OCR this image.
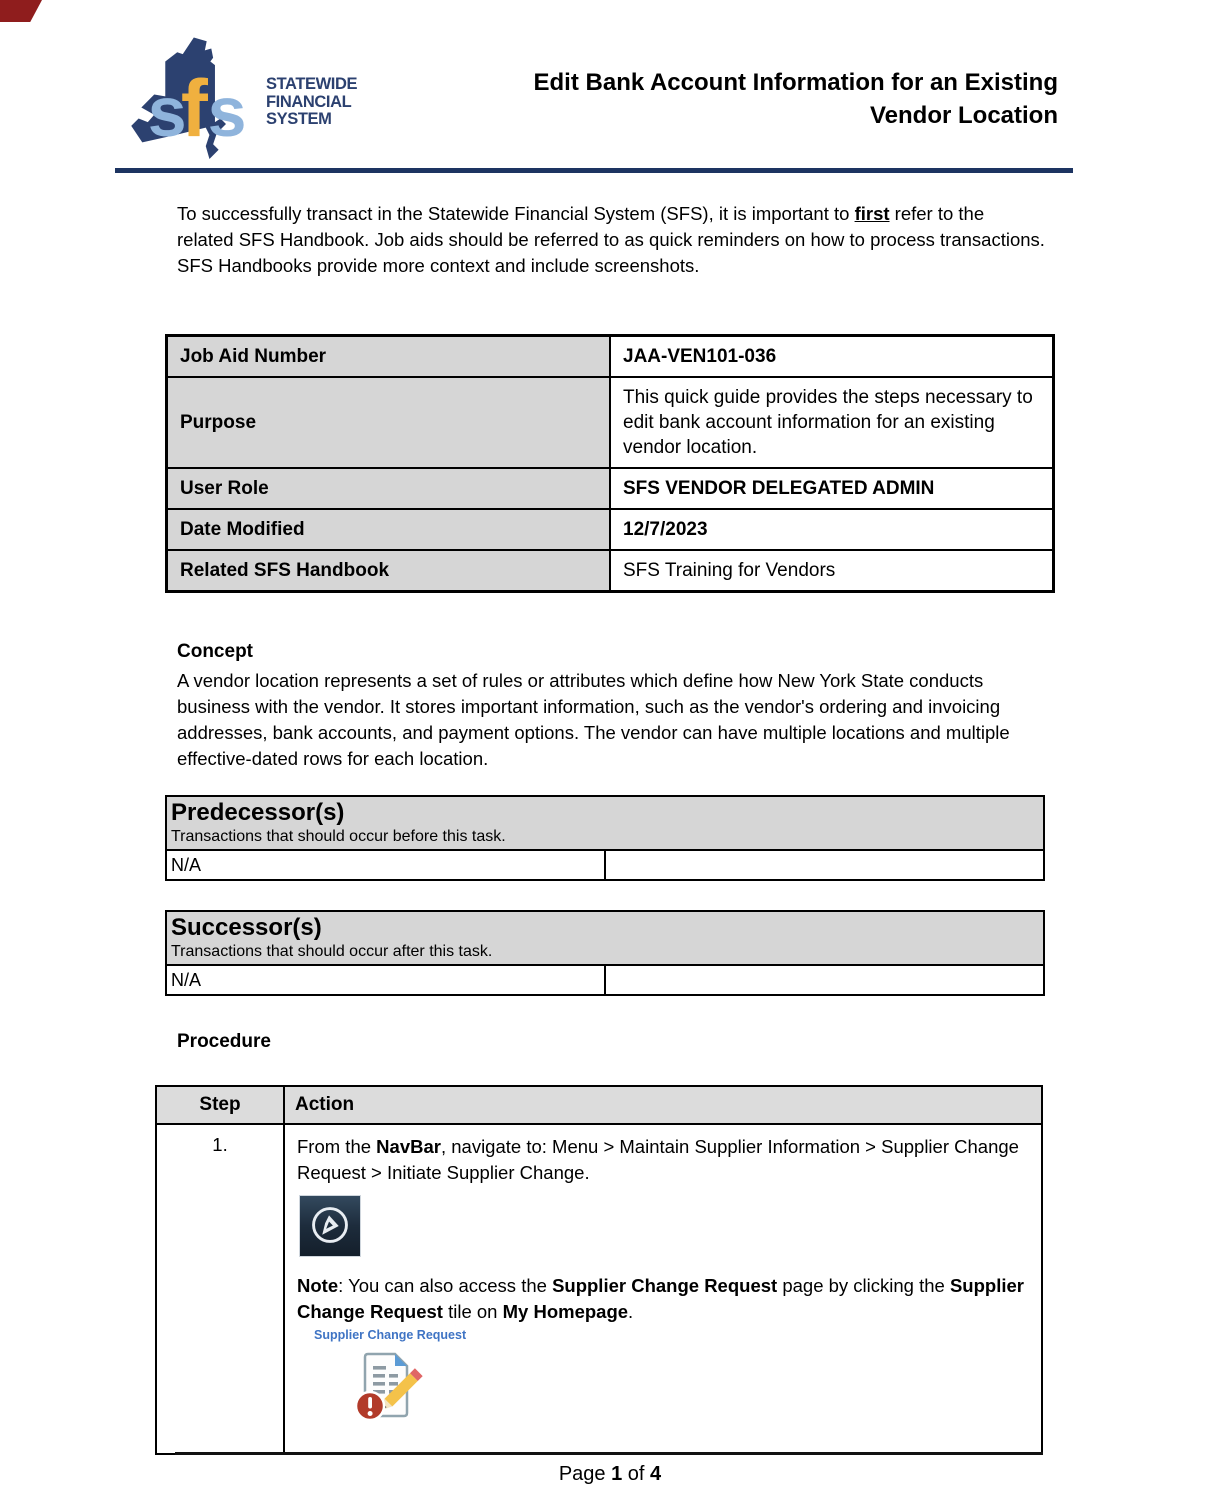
s
f s STATEWIDE
FINANCIAL
SYSTEM
Edit Bank Account Information for an Existing
Vendor Location

To successfully transact in the Statewide Financial System (SFS), it is important to first refer to the related SFS Handbook. Job aids should be referred to as quick reminders on how to process transactions. SFS Handbooks provide more context and include screenshots.

Job Aid Number	JAA-VEN101-036
Purpose	This quick guide provides the steps necessary to edit bank account information for an existing vendor location.
User Role	SFS VENDOR DELEGATED ADMIN
Date Modified	12/7/2023
Related SFS Handbook	SFS Training for Vendors
Concept

A vendor location represents a set of rules or attributes which define how New York State conducts business with the vendor. It stores important information, such as the vendor's ordering and invoicing addresses, bank accounts, and payment options. The vendor can have multiple locations and multiple effective-dated rows for each location.

Predecessor(s)
Transactions that should occur before this task.

N/A	
Successor(s)
Transactions that should occur after this task.

N/A	
Procedure
Step	Action
1.	From the NavBar, navigate to: Menu > Maintain Supplier Information > Supplier Change Request > Initiate Supplier Change.

Note: You can also access the Supplier Change Request page by clicking the Supplier Change Request tile on My Homepage.

Supplier Change Request
Page 1 of 4
